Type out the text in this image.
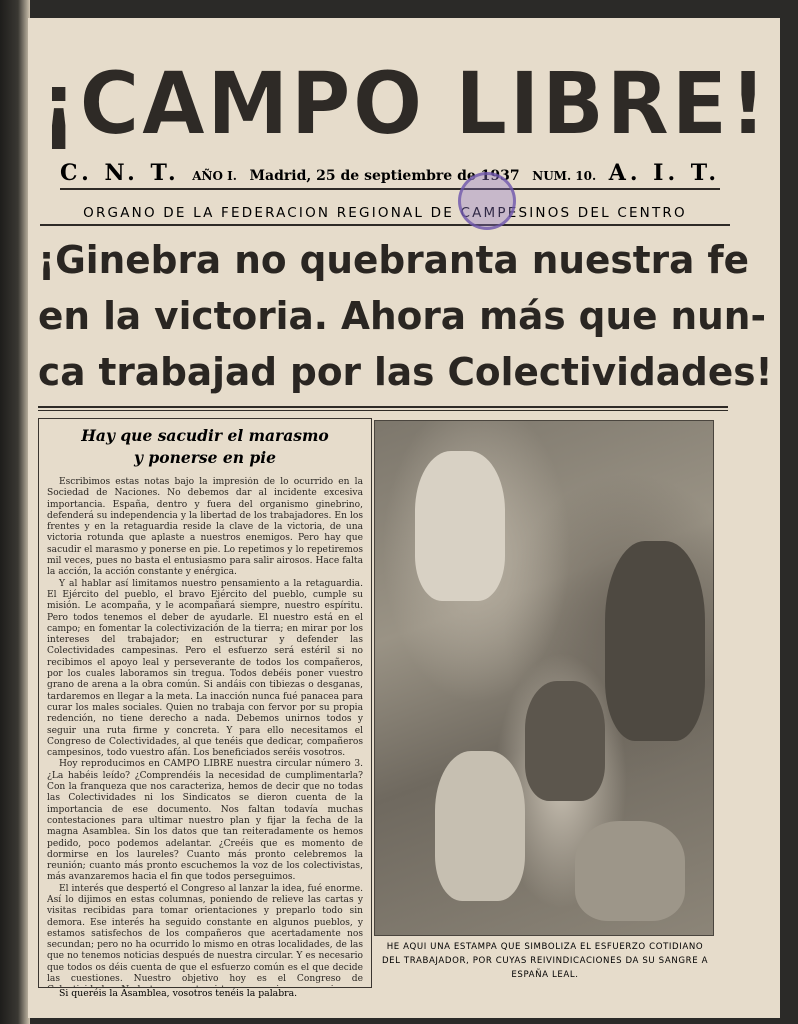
¡CAMPO LIBRE!
C. N. T. AÑO I. Madrid, 25 de septiembre de 1937 NUM. 10. A. I. T.
ORGANO DE LA FEDERACION REGIONAL DE CAMPESINOS DEL CENTRO
¡Ginebra no quebranta nuestra fe
en la victoria. Ahora más que nun-
ca trabajad por las Colectividades!
Hay que sacudir el marasmo
y ponerse en pie

Escribimos estas notas bajo la impresión de lo ocurrido en la Sociedad de Naciones. No debemos dar al incidente excesiva importancia. España, dentro y fuera del organismo ginebrino, defenderá su independencia y la libertad de los trabajadores. En los frentes y en la retaguardia reside la clave de la victoria, de una victoria rotunda que aplaste a nuestros enemigos. Pero hay que sacudir el marasmo y ponerse en pie. Lo repetimos y lo repetiremos mil veces, pues no basta el entusiasmo para salir airosos. Hace falta la acción, la acción constante y enérgica.

Y al hablar así limitamos nuestro pensamiento a la retaguardia. El Ejército del pueblo, el bravo Ejército del pueblo, cumple su misión. Le acompaña, y le acompañará siempre, nuestro espíritu. Pero todos tenemos el deber de ayudarle. El nuestro está en el campo; en fomentar la colectivización de la tierra; en mirar por los intereses del trabajador; en estructurar y defender las Colectividades campesinas. Pero el esfuerzo será estéril si no recibimos el apoyo leal y perseverante de todos los compañeros, por los cuales laboramos sin tregua. Todos debéis poner vuestro grano de arena a la obra común. Si andáis con tibiezas o desganas, tardaremos en llegar a la meta. La inacción nunca fué panacea para curar los males sociales. Quien no trabaja con fervor por su propia redención, no tiene derecho a nada. Debemos unirnos todos y seguir una ruta firme y concreta. Y para ello necesitamos el Congreso de Colectividades, al que tenéis que dedicar, compañeros campesinos, todo vuestro afán. Los beneficiados seréis vosotros.

Hoy reproducimos en CAMPO LIBRE nuestra circular número 3. ¿La habéis leído? ¿Comprendéis la necesidad de cumplimentarla? Con la franqueza que nos caracteriza, hemos de decir que no todas las Colectividades ni los Sindicatos se dieron cuenta de la importancia de ese documento. Nos faltan todavía muchas contestaciones para ultimar nuestro plan y fijar la fecha de la magna Asamblea. Sin los datos que tan reiteradamente os hemos pedido, poco podemos adelantar. ¿Creéis que es momento de dormirse en los laureles? Cuanto más pronto celebremos la reunión; cuanto más pronto escuchemos la voz de los colectivistas, más avanzaremos hacia el fin que todos perseguimos.

El interés que despertó el Congreso al lanzar la idea, fué enorme. Así lo dijimos en estas columnas, poniendo de relieve las cartas y visitas recibidas para tomar orientaciones y preparlo todo sin demora. Ese interés ha seguido constante en algunos pueblos, y estamos satisfechos de los compañeros que acertadamente nos secundan; pero no ha ocurrido lo mismo en otras localidades, de las que no tenemos noticias después de nuestra circular. Y es necesario que todos os déis cuenta de que el esfuerzo común es el que decide las cuestiones. Nuestro objetivo hoy es el Congreso de

Si queréis la Asamblea, vosotros tenéis la palabra.
HE AQUI UNA ESTAMPA QUE SIMBOLIZA EL ESFUERZO COTIDIANO DEL TRABAJADOR, POR CUYAS REIVINDICACIONES DA SU SANGRE A ESPAÑA LEAL.
